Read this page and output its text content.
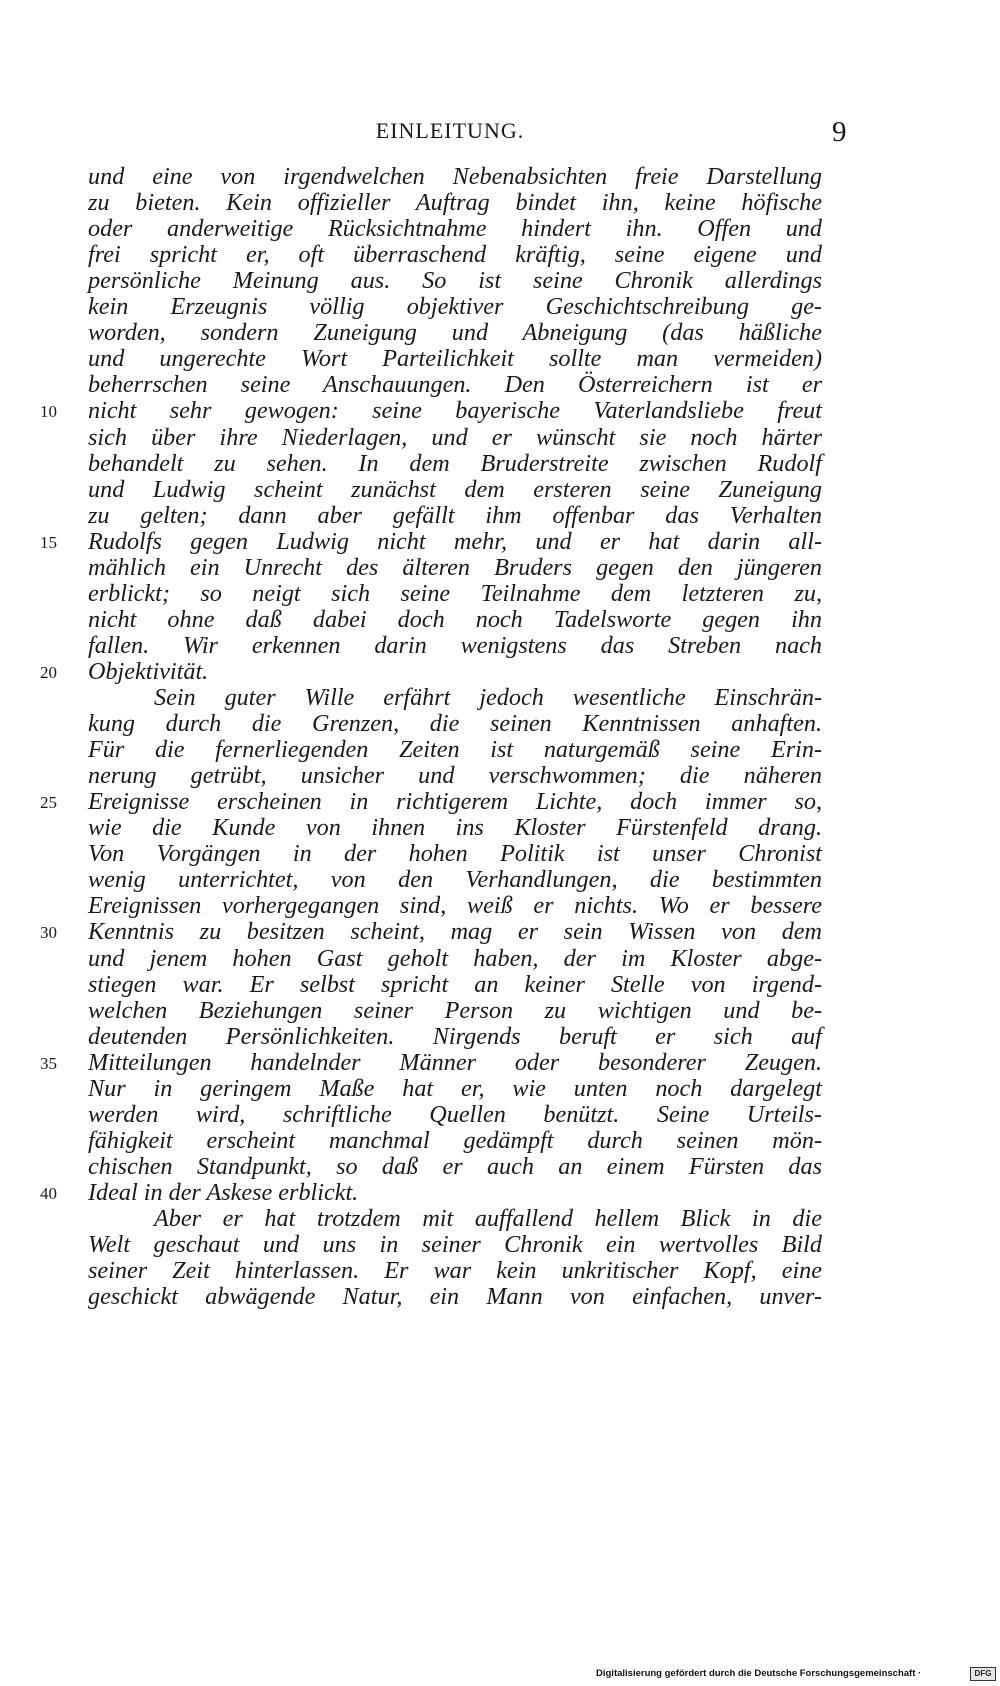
EINLEITUNG.	9
und eine von irgendwelchen Nebenabsichten freie Darstellung
zu bieten. Kein offizieller Auftrag bindet ihn, keine höfische
oder anderweitige Rücksichtnahme hindert ihn. Offen und
frei spricht er, oft überraschend kräftig, seine eigene und
persönliche Meinung aus. So ist seine Chronik allerdings
kein Erzeugnis völlig objektiver Geschichtschreibung ge-
worden, sondern Zuneigung und Abneigung (das häßliche
und ungerechte Wort Parteilichkeit sollte man vermeiden)
beherrschen seine Anschauungen. Den Österreichern ist er
nicht sehr gewogen: seine bayerische Vaterlandsliebe freut
10
sich über ihre Niederlagen, und er wünscht sie noch härter
behandelt zu sehen. In dem Bruderstreite zwischen Rudolf
und Ludwig scheint zunächst dem ersteren seine Zuneigung
zu gelten; dann aber gefällt ihm offenbar das Verhalten
Rudolfs gegen Ludwig nicht mehr, und er hat darin all-
15
mählich ein Unrecht des älteren Bruders gegen den jüngeren
erblickt; so neigt sich seine Teilnahme dem letzteren zu,
nicht ohne daß dabei doch noch Tadelsworte gegen ihn
fallen. Wir erkennen darin wenigstens das Streben nach
Objektivität.
20
Sein guter Wille erfährt jedoch wesentliche Einschrän-
kung durch die Grenzen, die seinen Kenntnissen anhaften.
Für die fernerliegenden Zeiten ist naturgemäß seine Erin-
nerung getrübt, unsicher und verschwommen; die näheren
Ereignisse erscheinen in richtigerem Lichte, doch immer so,
25
wie die Kunde von ihnen ins Kloster Fürstenfeld drang.
Von Vorgängen in der hohen Politik ist unser Chronist
wenig unterrichtet, von den Verhandlungen, die bestimmten
Ereignissen vorhergegangen sind, weiß er nichts. Wo er bessere
Kenntnis zu besitzen scheint, mag er sein Wissen von dem
30
und jenem hohen Gast geholt haben, der im Kloster abge-
stiegen war. Er selbst spricht an keiner Stelle von irgend-
welchen Beziehungen seiner Person zu wichtigen und be-
deutenden Persönlichkeiten. Nirgends beruft er sich auf
Mitteilungen handelnder Männer oder besonderer Zeugen.
35
Nur in geringem Maße hat er, wie unten noch dargelegt
werden wird, schriftliche Quellen benützt. Seine Urteils-
fähigkeit erscheint manchmal gedämpft durch seinen mön-
chischen Standpunkt, so daß er auch an einem Fürsten das
Ideal in der Askese erblickt.
40
Aber er hat trotzdem mit auffallend hellem Blick in die
Welt geschaut und uns in seiner Chronik ein wertvolles Bild
seiner Zeit hinterlassen. Er war kein unkritischer Kopf, eine
geschickt abwägende Natur, ein Mann von einfachen, unver-
Digitalisierung gefördert durch die Deutsche Forschungsgemeinschaft ·	DFG
